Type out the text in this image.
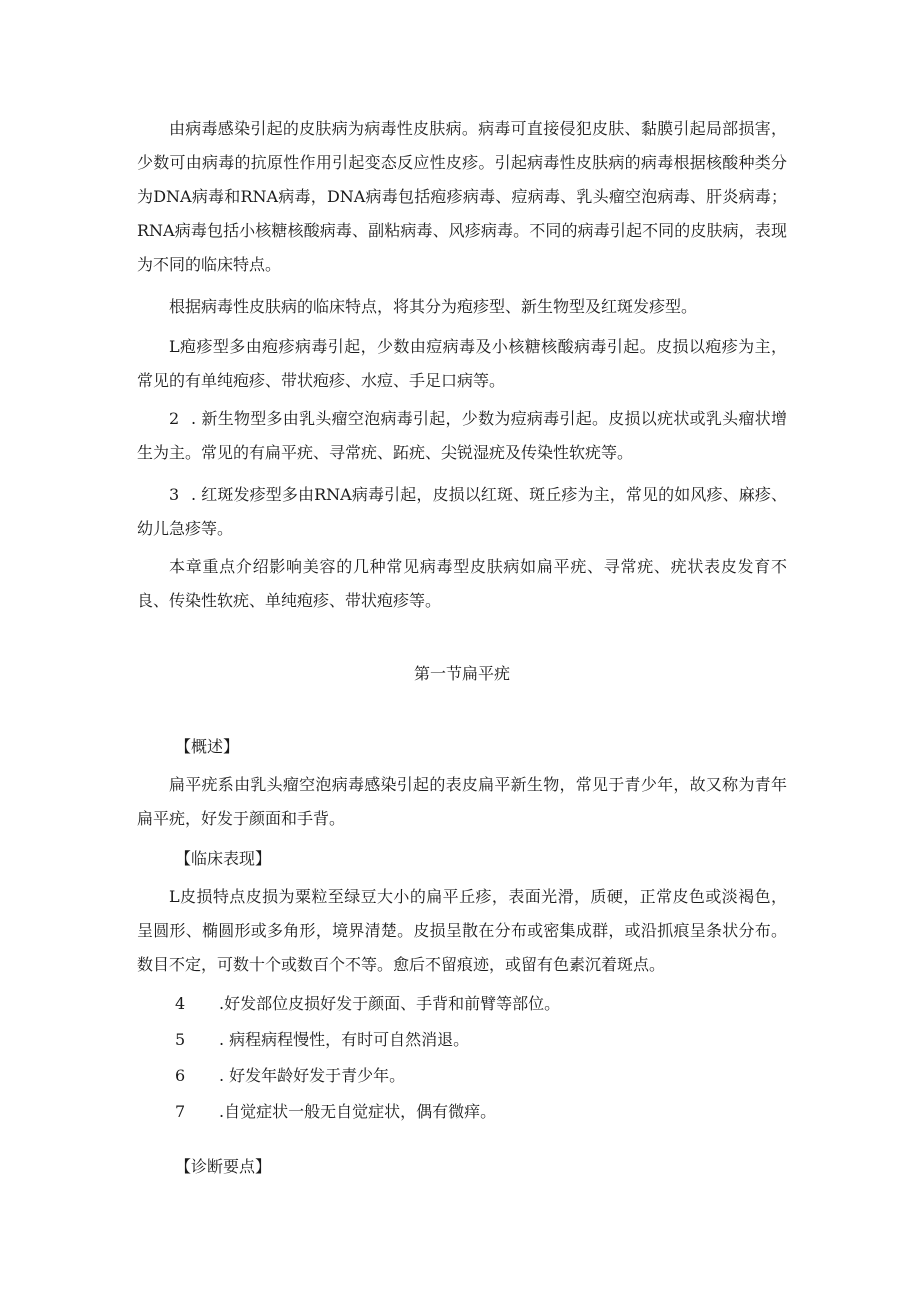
由病毒感染引起的皮肤病为病毒性皮肤病。病毒可直接侵犯皮肤、黏膜引起局部损害，少数可由病毒的抗原性作用引起变态反应性皮疹。引起病毒性皮肤病的病毒根据核酸种类分为DNA病毒和RNA病毒，DNA病毒包括疱疹病毒、痘病毒、乳头瘤空泡病毒、肝炎病毒；RNA病毒包括小核糖核酸病毒、副粘病毒、风疹病毒。不同的病毒引起不同的皮肤病，表现为不同的临床特点。

根据病毒性皮肤病的临床特点，将其分为疱疹型、新生物型及红斑发疹型。

L疱疹型多由疱疹病毒引起，少数由痘病毒及小核糖核酸病毒引起。皮损以疱疹为主，常见的有单纯疱疹、带状疱疹、水痘、手足口病等。

2 . 新生物型多由乳头瘤空泡病毒引起，少数为痘病毒引起。皮损以疣状或乳头瘤状增生为主。常见的有扁平疣、寻常疣、跖疣、尖锐湿疣及传染性软疣等。

3 . 红斑发疹型多由RNA病毒引起，皮损以红斑、斑丘疹为主，常见的如风疹、麻疹、幼儿急疹等。

本章重点介绍影响美容的几种常见病毒型皮肤病如扁平疣、寻常疣、疣状表皮发育不良、传染性软疣、单纯疱疹、带状疱疹等。

第一节扁平疣
【概述】

扁平疣系由乳头瘤空泡病毒感染引起的表皮扁平新生物，常见于青少年，故又称为青年扁平疣，好发于颜面和手背。

【临床表现】

L皮损特点皮损为粟粒至绿豆大小的扁平丘疹，表面光滑，质硬，正常皮色或淡褐色，呈圆形、椭圆形或多角形，境界清楚。皮损呈散在分布或密集成群，或沿抓痕呈条状分布。数目不定，可数十个或数百个不等。愈后不留痕迹，或留有色素沉着斑点。

4 .好发部位皮损好发于颜面、手背和前臂等部位。
5 . 病程病程慢性，有时可自然消退。
6 . 好发年龄好发于青少年。
7 .自觉症状一般无自觉症状，偶有微痒。
【诊断要点】
